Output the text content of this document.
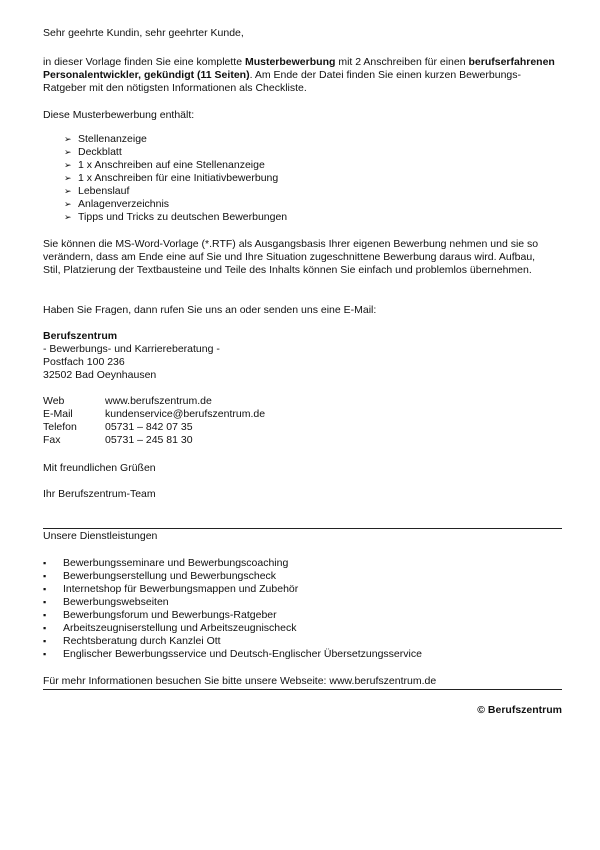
Sehr geehrte Kundin, sehr geehrter Kunde,

in dieser Vorlage finden Sie eine komplette Musterbewerbung mit 2 Anschreiben für einen berufserfahrenen Personalentwickler, gekündigt (11 Seiten). Am Ende der Datei finden Sie einen kurzen Bewerbungs-Ratgeber mit den nötigsten Informationen als Checkliste.

Diese Musterbewerbung enthält:

➢ Stellenanzeige
➢ Deckblatt
➢ 1 x Anschreiben auf eine Stellenanzeige
➢ 1 x Anschreiben für eine Initiativbewerbung
➢ Lebenslauf
➢ Anlagenverzeichnis
➢ Tipps und Tricks zu deutschen Bewerbungen

Sie können die MS-Word-Vorlage (*.RTF) als Ausgangsbasis Ihrer eigenen Bewerbung nehmen und sie so verändern, dass am Ende eine auf Sie und Ihre Situation zugeschnittene Bewerbung daraus wird. Aufbau, Stil, Platzierung der Textbausteine und Teile des Inhalts können Sie einfach und problemlos übernehmen.

Haben Sie Fragen, dann rufen Sie uns an oder senden uns eine E-Mail:

Berufszentrum

- Bewerbungs- und Karriereberatung -

Postfach 100 236

32502 Bad Oeynhausen

Web	www.berufszentrum.de
E-Mail	kundenservice@berufszentrum.de
Telefon	05731 – 842 07 35
Fax	05731 – 245 81 30

Mit freundlichen Grüßen

Ihr Berufszentrum-Team

Unsere Dienstleistungen

▪ Bewerbungsseminare und Bewerbungscoaching
▪ Bewerbungserstellung und Bewerbungscheck
▪ Internetshop für Bewerbungsmappen und Zubehör
▪ Bewerbungswebseiten
▪ Bewerbungsforum und Bewerbungs-Ratgeber
▪ Arbeitszeugniserstellung und Arbeitszeugnischeck
▪ Rechtsberatung durch Kanzlei Ott
▪ Englischer Bewerbungsservice und Deutsch-Englischer Übersetzungsservice

Für mehr Informationen besuchen Sie bitte unsere Webseite: www.berufszentrum.de

© Berufszentrum
